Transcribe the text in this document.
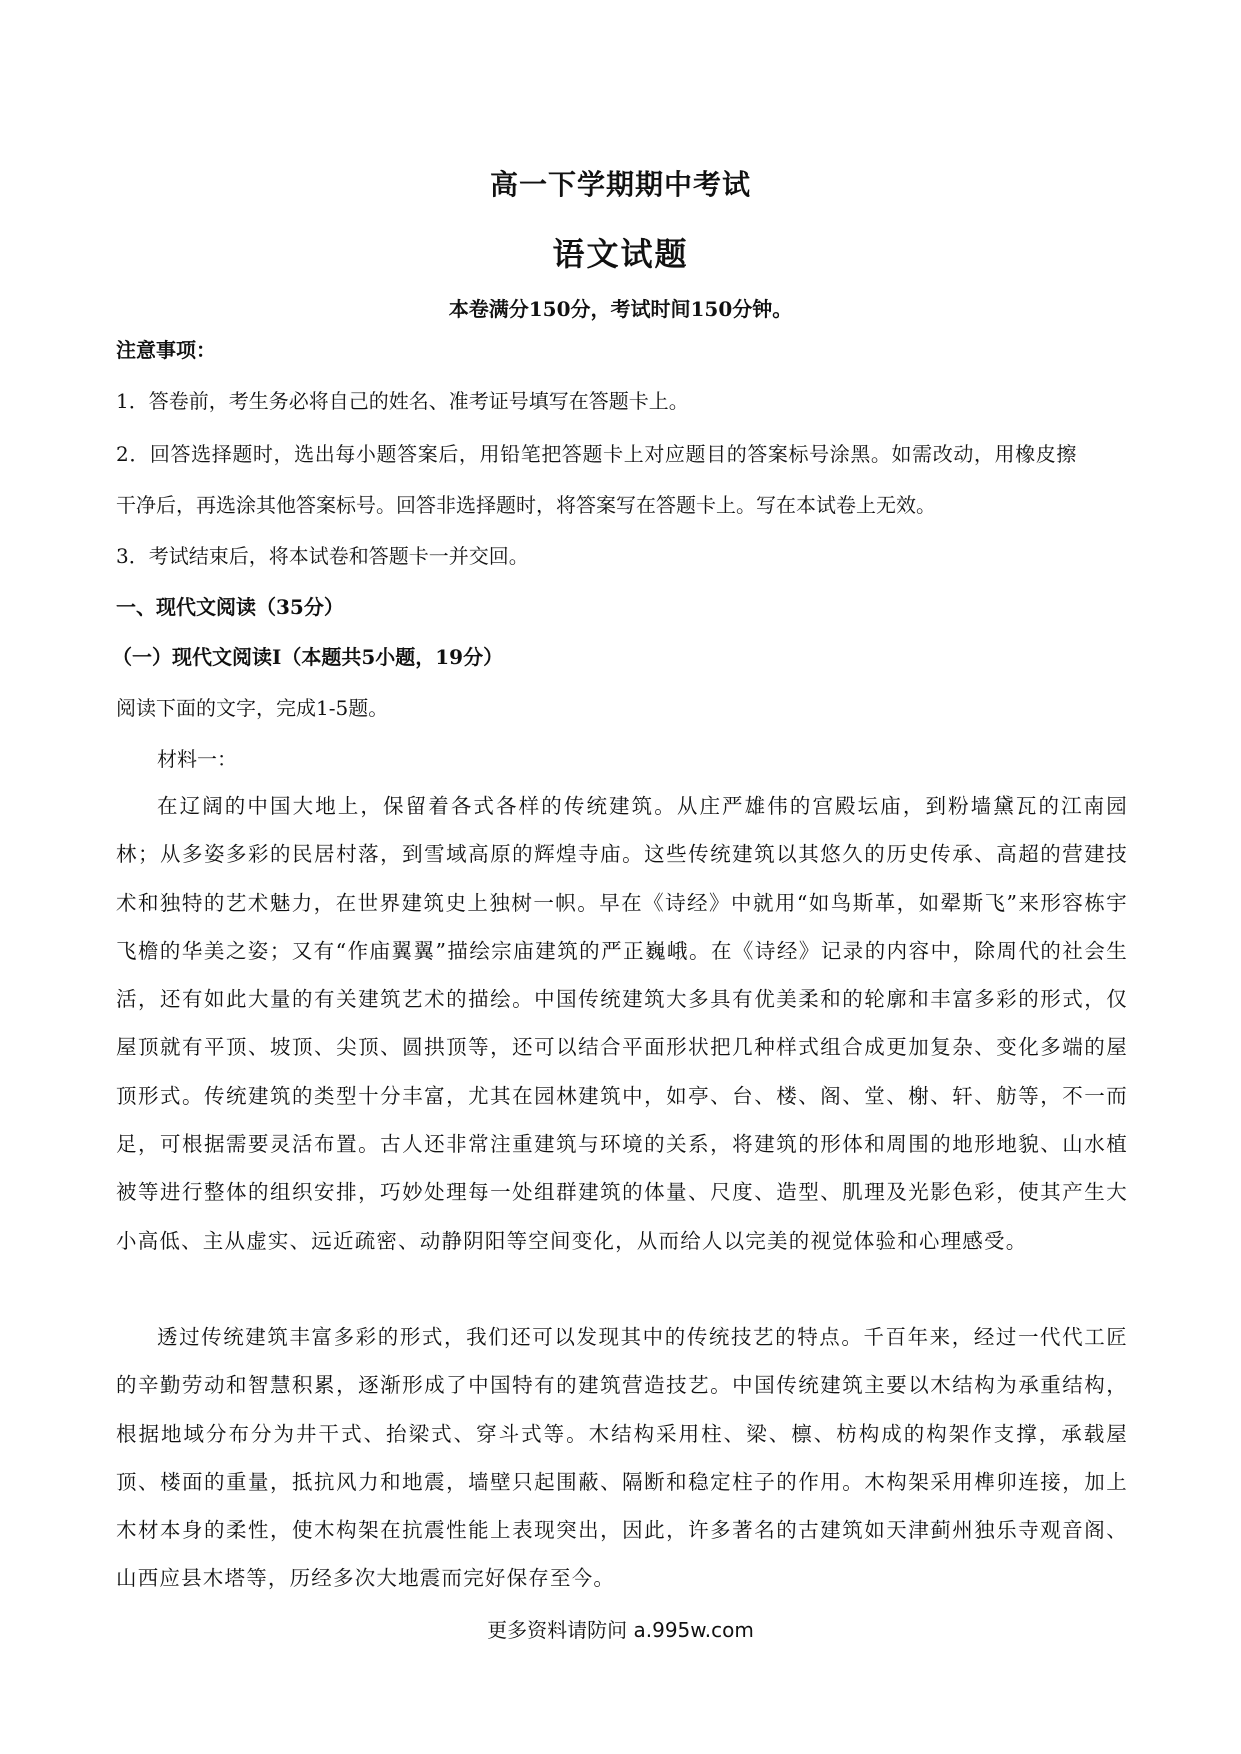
高一下学期期中考试
语文试题
本卷满分150分，考试时间150分钟。
注意事项：
1．答卷前，考生务必将自己的姓名、准考证号填写在答题卡上。
2．回答选择题时，选出每小题答案后，用铅笔把答题卡上对应题目的答案标号涂黑。如需改动，用橡皮擦
干净后，再选涂其他答案标号。回答非选择题时，将答案写在答题卡上。写在本试卷上无效。
3．考试结束后，将本试卷和答题卡一并交回。
一、现代文阅读（35分）
（一）现代文阅读Ⅰ（本题共5小题，19分）
阅读下面的文字，完成1-5题。
材料一：
在辽阔的中国大地上，保留着各式各样的传统建筑。从庄严雄伟的宫殿坛庙，到粉墙黛瓦的江南园林；从多姿多彩的民居村落，到雪域高原的辉煌寺庙。这些传统建筑以其悠久的历史传承、高超的营建技术和独特的艺术魅力，在世界建筑史上独树一帜。早在《诗经》中就用“如鸟斯革，如翚斯飞”来形容栋宇飞檐的华美之姿；又有“作庙翼翼”描绘宗庙建筑的严正巍峨。在《诗经》记录的内容中，除周代的社会生活，还有如此大量的有关建筑艺术的描绘。中国传统建筑大多具有优美柔和的轮廓和丰富多彩的形式，仅屋顶就有平顶、坡顶、尖顶、圆拱顶等，还可以结合平面形状把几种样式组合成更加复杂、变化多端的屋顶形式。传统建筑的类型十分丰富，尤其在园林建筑中，如亭、台、楼、阁、堂、榭、轩、舫等，不一而足，可根据需要灵活布置。古人还非常注重建筑与环境的关系，将建筑的形体和周围的地形地貌、山水植被等进行整体的组织安排，巧妙处理每一处组群建筑的体量、尺度、造型、肌理及光影色彩，使其产生大小高低、主从虚实、远近疏密、动静阴阳等空间变化，从而给人以完美的视觉体验和心理感受。
透过传统建筑丰富多彩的形式，我们还可以发现其中的传统技艺的特点。千百年来，经过一代代工匠的辛勤劳动和智慧积累，逐渐形成了中国特有的建筑营造技艺。中国传统建筑主要以木结构为承重结构，根据地域分布分为井干式、抬梁式、穿斗式等。木结构采用柱、梁、檩、枋构成的构架作支撑，承载屋顶、楼面的重量，抵抗风力和地震，墙壁只起围蔽、隔断和稳定柱子的作用。木构架采用榫卯连接，加上木材本身的柔性，使木构架在抗震性能上表现突出，因此，许多著名的古建筑如天津蓟州独乐寺观音阁、山西应县木塔等，历经多次大地震而完好保存至今。
更多资料请防问 a.995w.com
